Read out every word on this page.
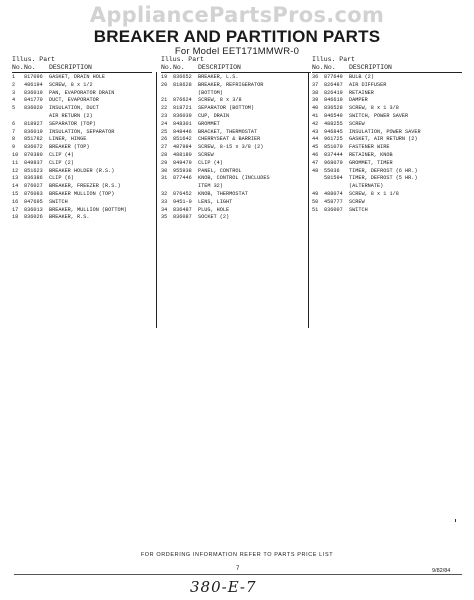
AppliancePartsPros.com
BREAKER AND PARTITION PARTS
For Model EET171MMWR-0
Illus. Part
No.No. DESCRIPTION
1	817096	GASKET, DRAIN HOLE
2	486194	SCREW, 8 x 1/2
3	836019	PAN, EVAPORATOR DRAIN
4	841770	DUCT, EVAPORATOR
5	836020	INSULATION, DUCT
AIR RETURN (2)
6	818927	SEPARATOR (TOP)
7	836019	INSULATION, SEPARATOR
8	851782	LINER, HINGE
9	836072	BREAKER (TOP)
10	870380	CLIP (4)
11	849837	CLIP (2)
12	851623	BREAKER HOLDER (R.S.)
13	836386	CLIP (6)
14	876027	BREAKER, FREEZER (R.S.)
15	876083	BREAKER MULLION (TOP)
16	847695	SWITCH
17	836013	BREAKER, MULLION (BOTTOM)
18	836026	BREAKER, R.S.
Illus. Part
No.No. DESCRIPTION
19	836652	BREAKER, L.S.
20	818628	BREAKER, REFRIGERATOR
(BOTTOM)
21	876624	SCREW, 8 x 3/8
22	818721	SEPARATOR (BOTTOM)
23	836039	CUP, DRAIN
24	848301	GROMMET
25	848446	BRACKET, THERMOSTAT
26	851642	CHERRYSEAT & BARRIER
27	487984	SCREW, 8-15 x 3/8 (2)
28	488180	SCREW
29	849479	CLIP (4)
30	955938	PANEL, CONTROL
31	877446	KNOB, CONTROL (INCLUDES
ITEM 32)
32	876452	KNOB, THERMOSTAT
33	9451-0	LENS, LIGHT
34	836487	PLUG, HOLE
35	836087	SOCKET (2)
Illus. Part
No.No. DESCRIPTION
36	877649	BULB (2)
37	826487	AIR DIFFUSER
38	826419	RETAINER
39	846619	DAMPER
40	836528	SCREW, 8 x 1 3/8
41	846549	SWITCH, POWER SAVER
42	488255	SCREW
43	946845	INSULATION, POWER SAVER
44	961725	GASKET, AIR RETURN (2)
45	851079	FASTENER WIRE
46	837444	RETAINER, KNOB
47	968079	GROMMET, TIMER
48	55036	TIMER, DEFROST (6 HR.)
581594	TIMER, DEFROST (5 HR.)
(ALTERNATE)
49	488074	SCREW, 8 x 1 1/8
50	458777	SCREW
51	836007	SWITCH
FOR ORDERING INFORMATION REFER TO PARTS PRICE LIST
7	9/82/84
380-E-7
